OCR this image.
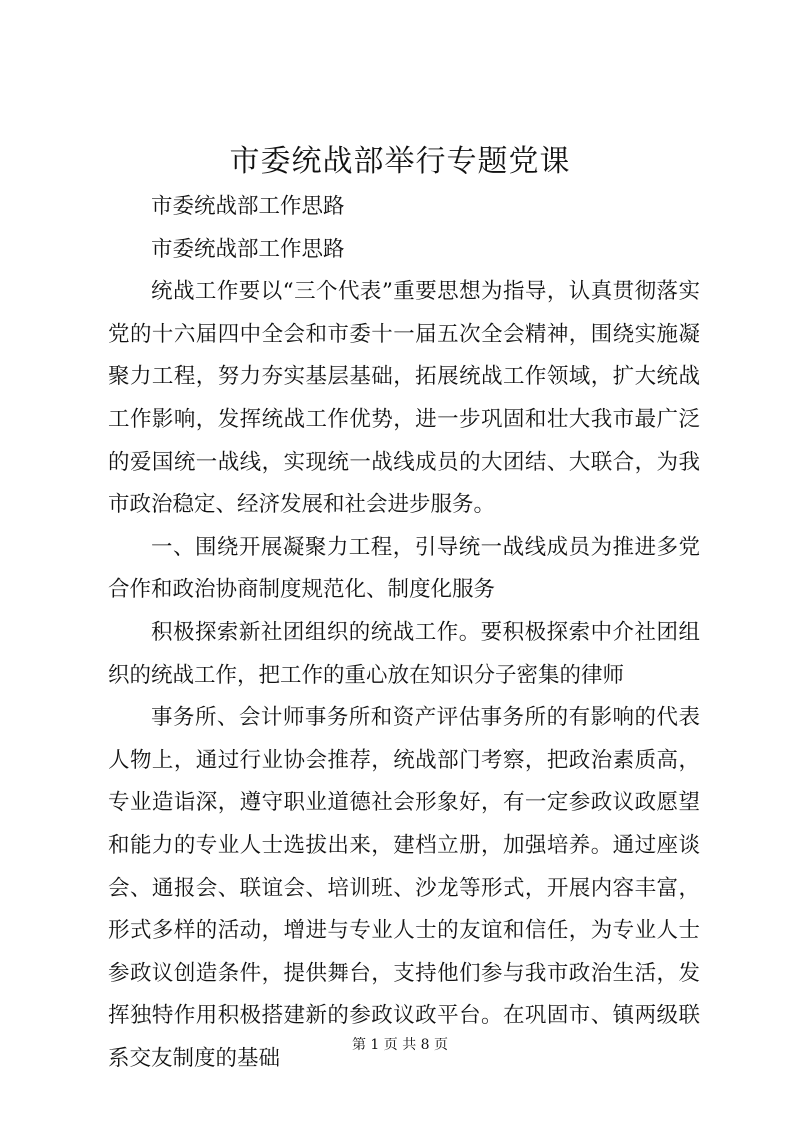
市委统战部举行专题党课

市委统战部工作思路

市委统战部工作思路

统战工作要以“三个代表”重要思想为指导，认真贯彻落实党的十六届四中全会和市委十一届五次全会精神，围绕实施凝聚力工程，努力夯实基层基础，拓展统战工作领域，扩大统战工作影响，发挥统战工作优势，进一步巩固和壮大我市最广泛的爱国统一战线，实现统一战线成员的大团结、大联合，为我市政治稳定、经济发展和社会进步服务。

一、围绕开展凝聚力工程，引导统一战线成员为推进多党合作和政治协商制度规范化、制度化服务

积极探索新社团组织的统战工作。要积极探索中介社团组织的统战工作，把工作的重心放在知识分子密集的律师

事务所、会计师事务所和资产评估事务所的有影响的代表人物上，通过行业协会推荐，统战部门考察，把政治素质高，专业造诣深，遵守职业道德社会形象好，有一定参政议政愿望和能力的专业人士选拔出来，建档立册，加强培养。通过座谈会、通报会、联谊会、培训班、沙龙等形式，开展内容丰富，形式多样的活动，增进与专业人士的友谊和信任，为专业人士参政议创造条件，提供舞台，支持他们参与我市政治生活，发挥独特作用积极搭建新的参政议政平台。在巩固市、镇两级联系交友制度的基础

第 1 页 共 8 页
